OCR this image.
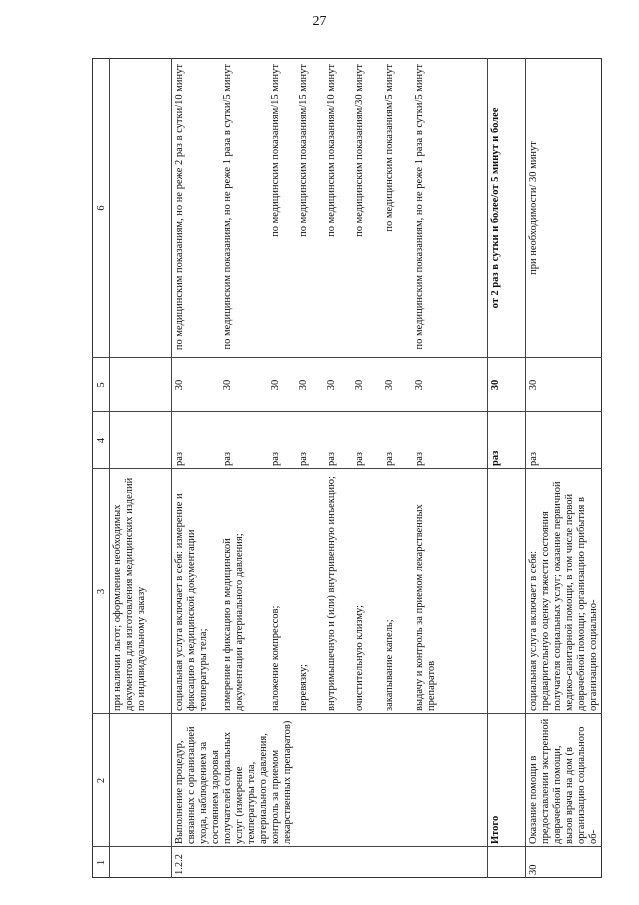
27
1
2
3
4
5
6
при наличии льгот; оформление необходимых документов для изготовления медицинских изделий по индивидуальному заказу
1.2.2
Выполнение процедур, связанных с организацией ухода, наблюдением за состоянием здоровья получателей социальных услуг (измерение температуры тела, артериального давления, контроль за приемом лекарственных препаратов)
социальная услуга включает в себя: измерение и фиксацию в медицинской документации температуры тела;
раз
30
по медицинским показаниям, но не реже 2 раз в сутки/10 минут
измерение и фиксацию в медицинской документации артериального давления;
раз
30
по медицинским показаниям, но не реже 1 раза в сутки/5 минут
наложение компрессов;
раз
30
по медицинским показаниям/15 минут
перевязку;
раз
30
по медицинским показаниям/15 минут
внутримышечную и (или) внутривенную инъекцию;
раз
30
по медицинским показаниям/10 минут
очистительную клизму;
раз
30
по медицинским показаниям/30 минут
закапывание капель;
раз
30
по медицинским показаниям/5 минут
выдачу и контроль за приемом лекарственных препаратов
раз
30
по медицинским показаниям, но не реже 1 раза в сутки/5 минут
Итого
раз
30
от 2 раз в сутки и более/от 5 минут и более
30
Оказание помощи в предоставлении экстренной доврачебной помощи, вызов врача на дом (в организацию социального об-
социальная услуга включает в себя: предварительную оценку тяжести состояния получателя социальных услуг; оказание первичной медико-санитарной помощи, в том числе первой доврачебной помощи; организацию прибытия в организацию социально-
раз
30
при необходимости/ 30 минут
